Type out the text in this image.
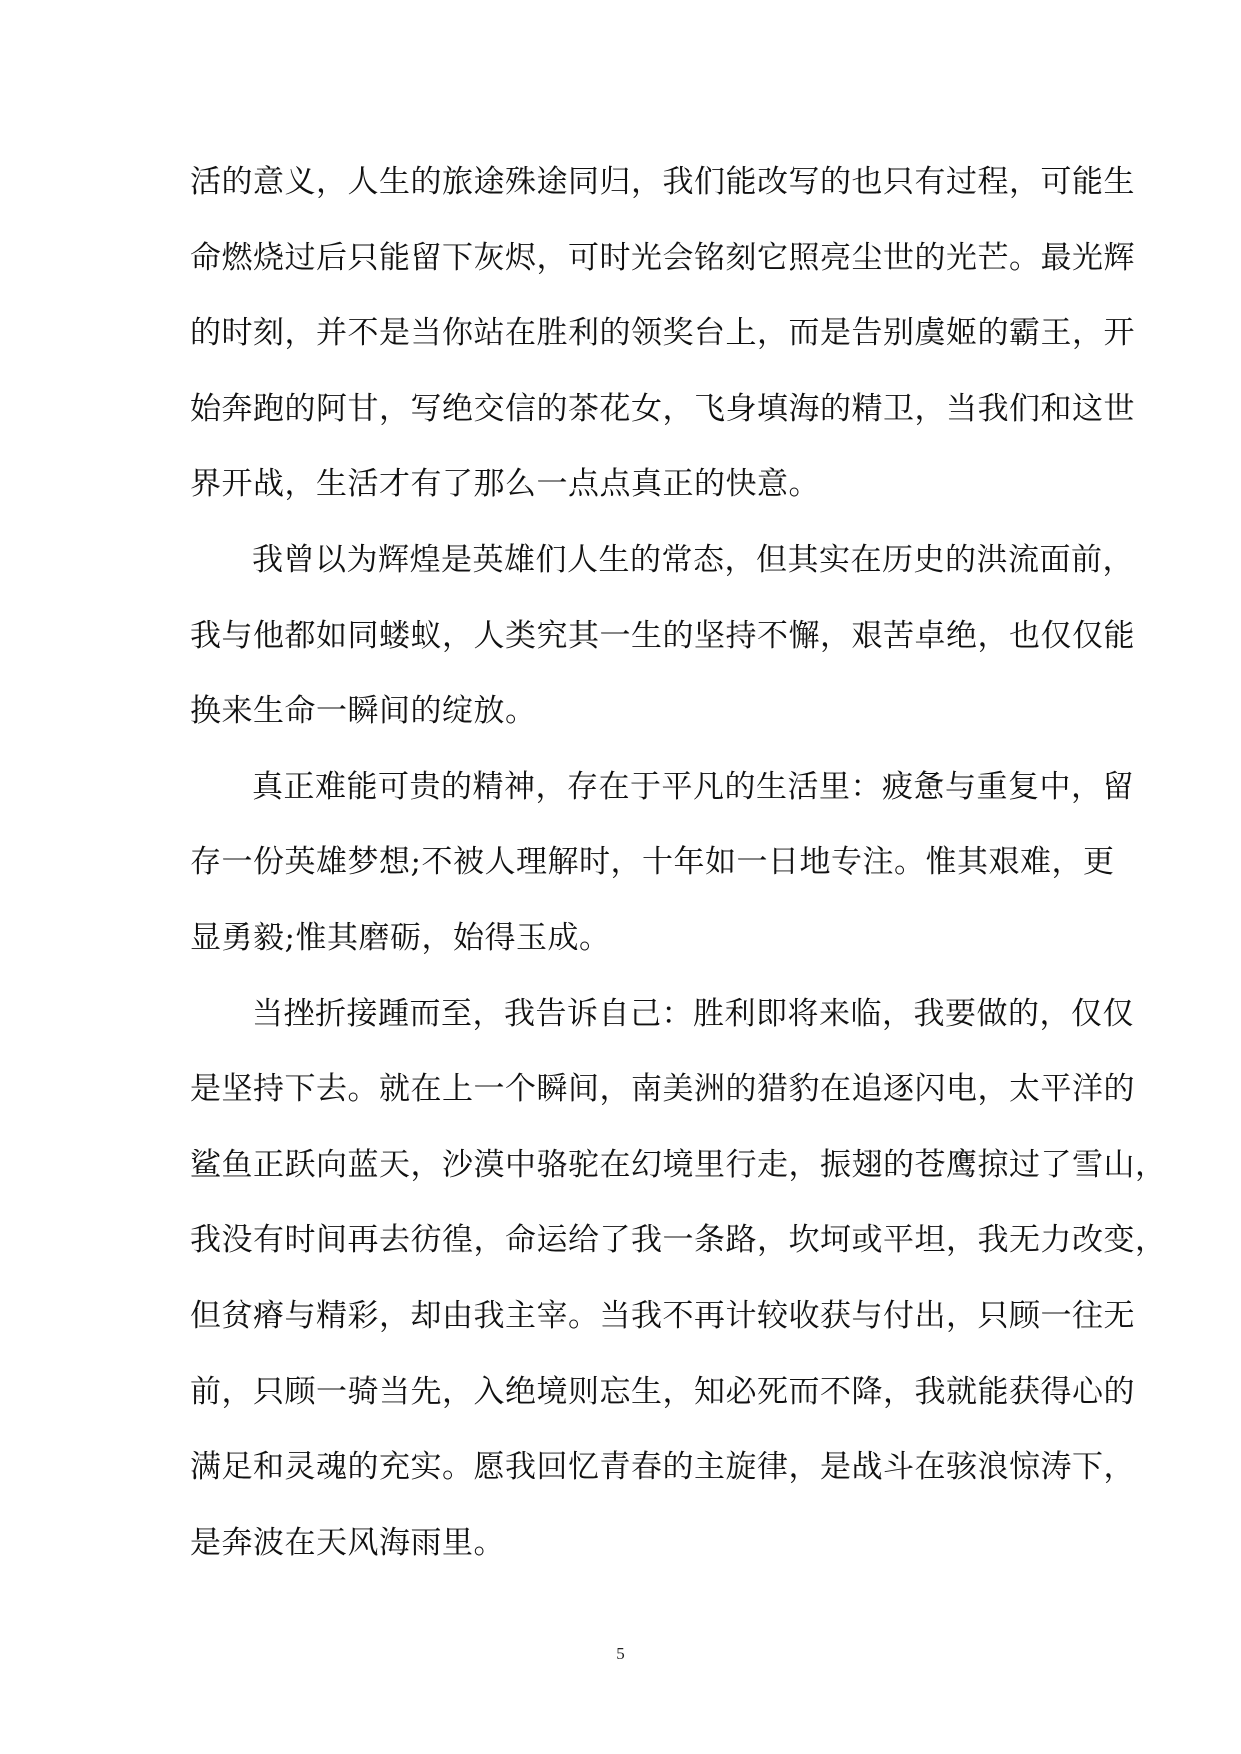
活的意义，人生的旅途殊途同归，我们能改写的也只有过程，可能生
命燃烧过后只能留下灰烬，可时光会铭刻它照亮尘世的光芒。最光辉
的时刻，并不是当你站在胜利的领奖台上，而是告别虞姬的霸王，开
始奔跑的阿甘，写绝交信的茶花女，飞身填海的精卫，当我们和这世
界开战，生活才有了那么一点点真正的快意。
我曾以为辉煌是英雄们人生的常态，但其实在历史的洪流面前，
我与他都如同蝼蚁，人类究其一生的坚持不懈，艰苦卓绝，也仅仅能
换来生命一瞬间的绽放。
真正难能可贵的精神，存在于平凡的生活里：疲惫与重复中，留
存一份英雄梦想;不被人理解时，十年如一日地专注。惟其艰难，更
显勇毅;惟其磨砺，始得玉成。
当挫折接踵而至，我告诉自己：胜利即将来临，我要做的，仅仅
是坚持下去。就在上一个瞬间，南美洲的猎豹在追逐闪电，太平洋的
鲨鱼正跃向蓝天，沙漠中骆驼在幻境里行走，振翅的苍鹰掠过了雪山，
我没有时间再去彷徨，命运给了我一条路，坎坷或平坦，我无力改变，
但贫瘠与精彩，却由我主宰。当我不再计较收获与付出，只顾一往无
前，只顾一骑当先，入绝境则忘生，知必死而不降，我就能获得心的
满足和灵魂的充实。愿我回忆青春的主旋律，是战斗在骇浪惊涛下，
是奔波在天风海雨里。
5
